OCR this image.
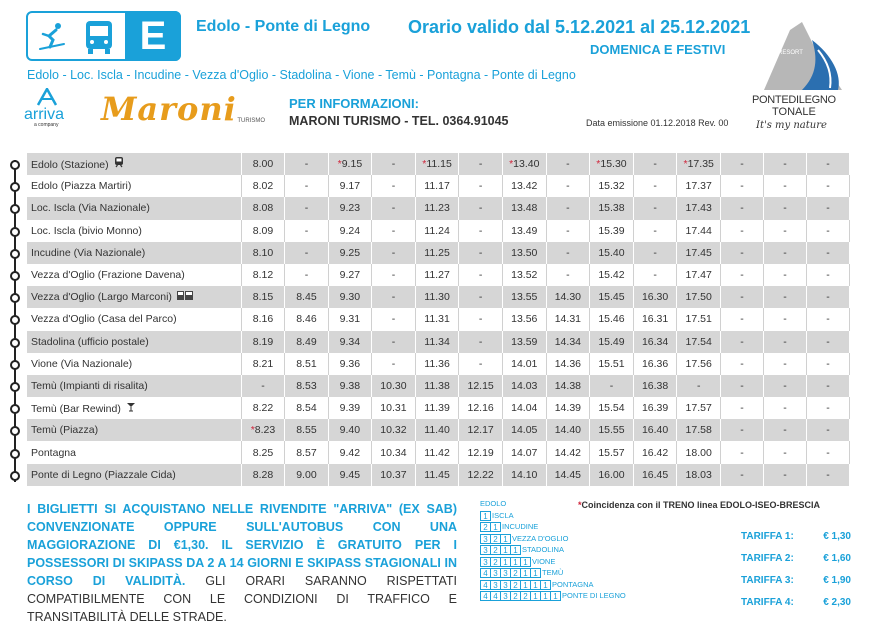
E	Edolo - Ponte di Legno Orario valido dal 5.12.2021 al 25.12.2021
DOMENICA E FESTIVI
Edolo - Loc. Iscla - Incudine - Vezza d'Oglio - Stadolina - Vione - Temù - Pontagna - Ponte di Legno
arriva
a company Maroni TURISMO
PER INFORMAZIONI:
MARONI TURISMO - TEL. 0364.91045	Data emissione 01.12.2018 Rev. 00
RESORT
PONTEDILEGNO
TONALE
It's my nature
Edolo (Stazione)	8.00	-	*9.15	-	*11.15	-	*13.40	-	*15.30	-	*17.35	-	-	-
Edolo (Piazza Martiri)	8.02	-	9.17	-	11.17	-	13.42	-	15.32	-	17.37	-	-	-
Loc. Iscla (Via Nazionale)	8.08	-	9.23	-	11.23	-	13.48	-	15.38	-	17.43	-	-	-
Loc. Iscla (bivio Monno)	8.09	-	9.24	-	11.24	-	13.49	-	15.39	-	17.44	-	-	-
Incudine (Via Nazionale)	8.10	-	9.25	-	11.25	-	13.50	-	15.40	-	17.45	-	-	-
Vezza d'Oglio (Frazione Davena)	8.12	-	9.27	-	11.27	-	13.52	-	15.42	-	17.47	-	-	-
Vezza d'Oglio (Largo Marconi)	8.15	8.45	9.30	-	11.30	-	13.55	14.30	15.45	16.30	17.50	-	-	-
Vezza d'Oglio (Casa del Parco)	8.16	8.46	9.31	-	11.31	-	13.56	14.31	15.46	16.31	17.51	-	-	-
Stadolina (ufficio postale)	8.19	8.49	9.34	-	11.34	-	13.59	14.34	15.49	16.34	17.54	-	-	-
Vione (Via Nazionale)	8.21	8.51	9.36	-	11.36	-	14.01	14.36	15.51	16.36	17.56	-	-	-
Temù (Impianti di risalita)	-	8.53	9.38	10.30	11.38	12.15	14.03	14.38	-	16.38	-	-	-	-
Temù (Bar Rewind)	8.22	8.54	9.39	10.31	11.39	12.16	14.04	14.39	15.54	16.39	17.57	-	-	-
Temù (Piazza)	*8.23	8.55	9.40	10.32	11.40	12.17	14.05	14.40	15.55	16.40	17.58	-	-	-
Pontagna	8.25	8.57	9.42	10.34	11.42	12.19	14.07	14.42	15.57	16.42	18.00	-	-	-
Ponte di Legno (Piazzale Cida)	8.28	9.00	9.45	10.37	11.45	12.22	14.10	14.45	16.00	16.45	18.03	-	-	-
I BIGLIETTI SI ACQUISTANO NELLE RIVENDITE "ARRIVA" (EX SAB) CONVENZIONATE OPPURE SULL'AUTOBUS CON UNA MAGGIORAZIONE DI €1,30. IL SERVIZIO È GRATUITO PER I POSSESSORI DI SKIPASS DA 2 A 14 GIORNI E SKIPASS STAGIONALI IN CORSO DI VALIDITÀ. GLI ORARI SARANNO RISPETTATI COMPATIBILMENTE CON LE CONDIZIONI DI TRAFFICO E TRANSITABILITÀ DELLE STRADE.
*Coincidenza con il TRENO linea EDOLO-ISEO-BRESCIA
EDOLO
1 ISCLA
2 1 INCUDINE
3 2 1 VEZZA D'OGLIO
3 2 1 1 STADOLINA
3 2 1 1 1 VIONE
4 3 3 2 1 1 TEMÙ
4 3 3 2 1 1 1 PONTAGNA
4 4 3 2 2 1 1 1 PONTE DI LEGNO
TARIFFA 1:	€ 1,30
TARIFFA 2:	€ 1,60
TARIFFA 3:	€ 1,90
TARIFFA 4:	€ 2,30
